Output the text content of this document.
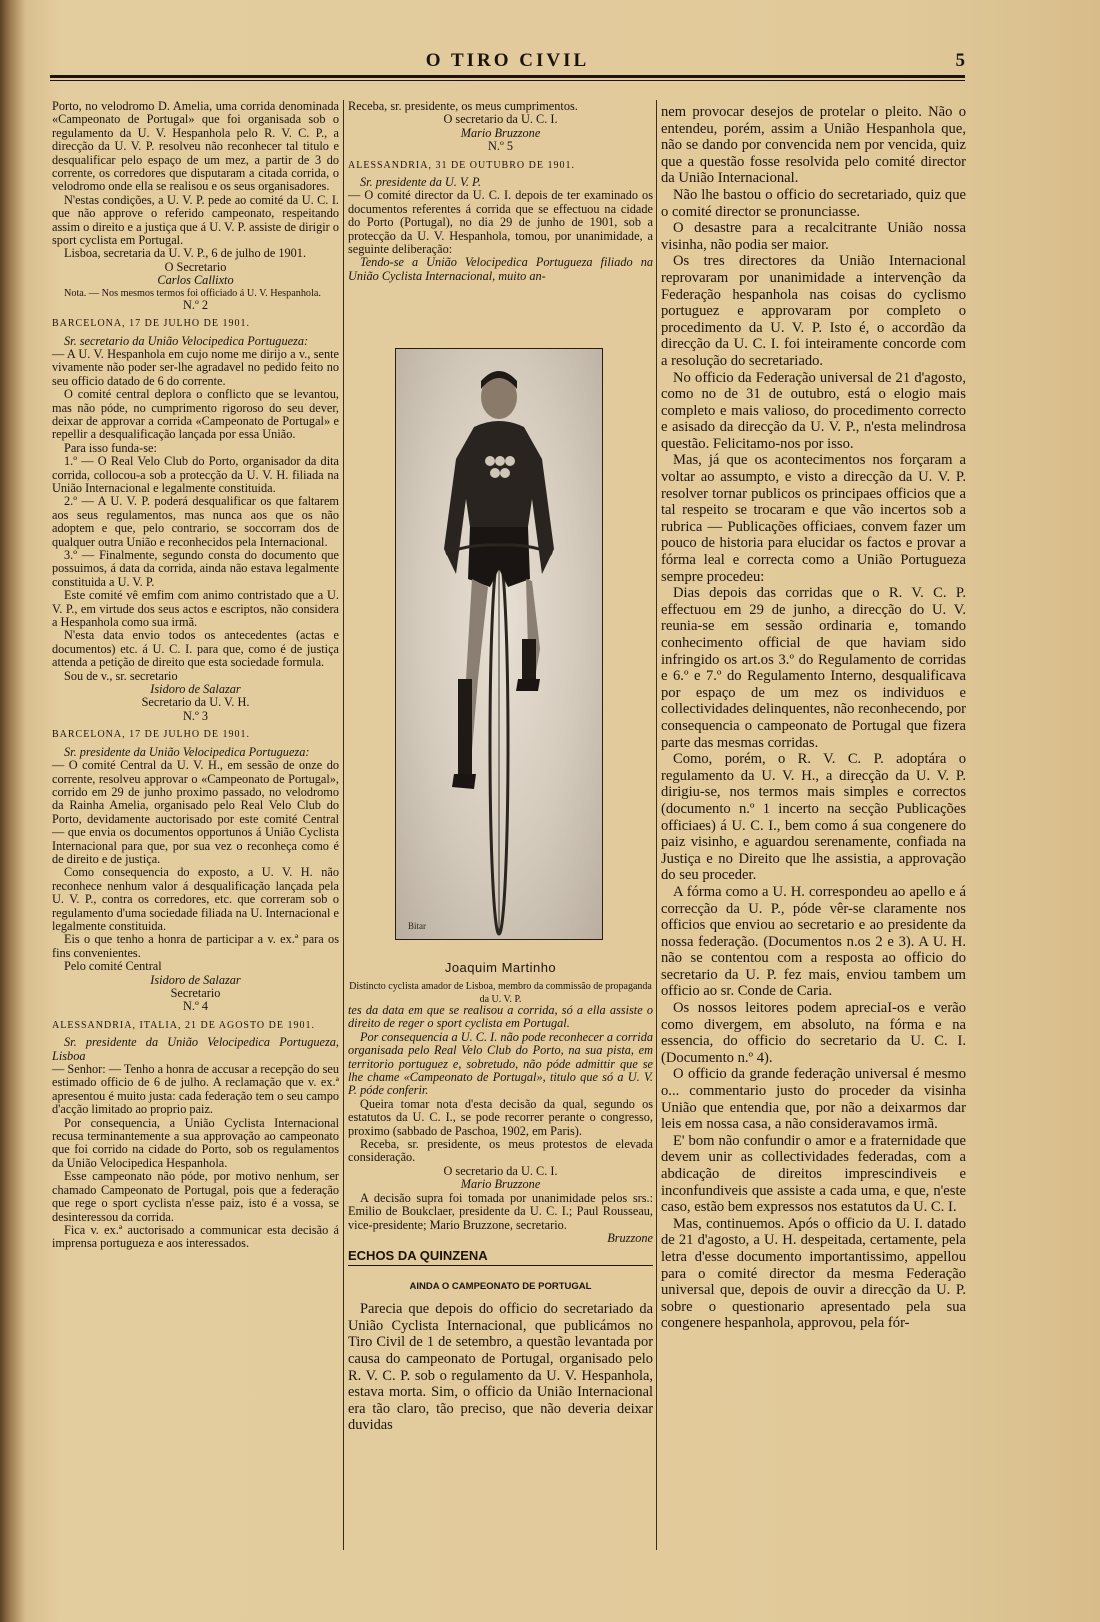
O TIRO CIVIL	5

Porto, no velodromo D. Amelia, uma corrida denominada «Campeonato de Portugal» que foi organisada sob o regulamento da U. V. Hespanhola pelo R. V. C. P., a direcção da U. V. P. resolveu não reconhecer tal titulo e desqualificar pelo espaço de um mez, a partir de 3 do corrente, os corredores que disputaram a citada corrida, o velodromo onde ella se realisou e os seus organisadores.

N'estas condições, a U. V. P. pede ao comité da U. C. I. que não approve o referido campeonato, respeitando assim o direito e a justiça que á U. V. P. assiste de dirigir o sport cyclista em Portugal.

Lisboa, secretaria da U. V. P., 6 de julho de 1901.

O Secretario

Carlos Callixto

Nota. — Nos mesmos termos foi officiado á U. V. Hespanhola.

N.º 2

BARCELONA, 17 DE JULHO DE 1901.

Sr. secretario da União Velocipedica Portugueza:

— A U. V. Hespanhola em cujo nome me dirijo a v., sente vivamente não poder ser-lhe agradavel no pedido feito no seu officio datado de 6 do corrente.

O comité central deplora o conflicto que se levantou, mas não póde, no cumprimento rigoroso do seu dever, deixar de approvar a corrida «Campeonato de Portugal» e repellir a desqualificação lançada por essa União.

Para isso funda-se:

1.º — O Real Velo Club do Porto, organisador da dita corrida, collocou-a sob a protecção da U. V. H. filiada na União Internacional e legalmente constituida.

2.º — A U. V. P. poderá desqualificar os que faltarem aos seus regulamentos, mas nunca aos que os não adoptem e que, pelo contrario, se soccorram dos de qualquer outra União e reconhecidos pela Internacional.

3.º — Finalmente, segundo consta do documento que possuimos, á data da corrida, ainda não estava legalmente constituida a U. V. P.

Este comité vê emfim com animo contristado que a U. V. P., em virtude dos seus actos e escriptos, não considera a Hespanhola como sua irmã.

N'esta data envio todos os antecedentes (actas e documentos) etc. á U. C. I. para que, como é de justiça attenda a petição de direito que esta sociedade formula.

Sou de v., sr. secretario

Isidoro de Salazar

Secretario da U. V. H.

N.º 3

BARCELONA, 17 DE JULHO DE 1901.

Sr. presidente da União Velocipedica Portugueza:

— O comité Central da U. V. H., em sessão de onze do corrente, resolveu approvar o «Campeonato de Portugal», corrido em 29 de junho proximo passado, no velodromo da Rainha Amelia, organisado pelo Real Velo Club do Porto, devidamente auctorisado por este comité Central — que envia os documentos opportunos á União Cyclista Internacional para que, por sua vez o reconheça como é de direito e de justiça.

Como consequencia do exposto, a U. V. H. não reconhece nenhum valor á desqualificação lançada pela U. V. P., contra os corredores, etc. que correram sob o regulamento d'uma sociedade filiada na U. Internacional e legalmente constituida.

Eis o que tenho a honra de participar a v. ex.ª para os fins convenientes.

Pelo comité Central

Isidoro de Salazar

Secretario

N.º 4

ALESSANDRIA, ITALIA, 21 DE AGOSTO DE 1901.

Sr. presidente da União Velocipedica Portugueza, Lisboa

— Senhor: — Tenho a honra de accusar a recepção do seu estimado officio de 6 de julho. A reclamação que v. ex.ª apresentou é muito justa: cada federação tem o seu campo d'acção limitado ao proprio paiz.

Por consequencia, a União Cyclista Internacional recusa terminantemente a sua approvação ao campeonato que foi corrido na cidade do Porto, sob os regulamentos da União Velocipedica Hespanhola.

Esse campeonato não póde, por motivo nenhum, ser chamado Campeonato de Portugal, pois que a federação que rege o sport cyclista n'esse paiz, isto é a vossa, se desinteressou da corrida.

Fica v. ex.ª auctorisado a communicar esta decisão á imprensa portugueza e aos interessados.

Receba, sr. presidente, os meus cumprimentos.

O secretario da U. C. I.

Mario Bruzzone

N.º 5

ALESSANDRIA, 31 DE OUTUBRO DE 1901.

Sr. presidente da U. V. P.

— O comité director da U. C. I. depois de ter examinado os documentos referentes á corrida que se effectuou na cidade do Porto (Portugal), no dia 29 de junho de 1901, sob a protecção da U. V. Hespanhola, tomou, por unanimidade, a seguinte deliberação:

Tendo-se a União Velocipedica Portugueza filiado na União Cyclista Internacional, muito an-

Bitar
Joaquim Martinho
Distincto cyclista amador de Lisboa, membro da commissão de propaganda da U. V. P.

tes da data em que se realisou a corrida, só a ella assiste o direito de reger o sport cyclista em Portugal.

Por consequencia a U. C. I. não pode reconhecer a corrida organisada pelo Real Velo Club do Porto, na sua pista, em territorio portuguez e, sobretudo, não póde admittir que se lhe chame «Campeonato de Portugal», titulo que só a U. V. P. póde conferir.

Queira tomar nota d'esta decisão da qual, segundo os estatutos da U. C. I., se pode recorrer perante o congresso, proximo (sabbado de Paschoa, 1902, em Paris).

Receba, sr. presidente, os meus protestos de elevada consideração.

O secretario da U. C. I.

Mario Bruzzone

A decisão supra foi tomada por unanimidade pelos srs.: Emilio de Boukclaer, presidente da U. C. I.; Paul Rousseau, vice-presidente; Mario Bruzzone, secretario.

Bruzzone

ECHOS DA QUINZENA

AINDA O CAMPEONATO DE PORTUGAL

Parecia que depois do officio do secretariado da União Cyclista Internacional, que publicámos no Tiro Civil de 1 de setembro, a questão levantada por causa do campeonato de Portugal, organisado pelo R. V. C. P. sob o regulamento da U. V. Hespanhola, estava morta. Sim, o officio da União Internacional era tão claro, tão preciso, que não deveria deixar duvidas

nem provocar desejos de protelar o pleito. Não o entendeu, porém, assim a União Hespanhola que, não se dando por convencida nem por vencida, quiz que a questão fosse resolvida pelo comité director da União Internacional.

Não lhe bastou o officio do secretariado, quiz que o comité director se pronunciasse.

O desastre para a recalcitrante União nossa visinha, não podia ser maior.

Os tres directores da União Internacional reprovaram por unanimidade a intervenção da Federação hespanhola nas coisas do cyclismo portuguez e approvaram por completo o procedimento da U. V. P. Isto é, o accordão da direcção da U. C. I. foi inteiramente concorde com a resolução do secretariado.

No officio da Federação universal de 21 d'agosto, como no de 31 de outubro, está o elogio mais completo e mais valioso, do procedimento correcto e asisado da direcção da U. V. P., n'esta melindrosa questão. Felicitamo-nos por isso.

Mas, já que os acontecimentos nos forçaram a voltar ao assumpto, e visto a direcção da U. V. P. resolver tornar publicos os principaes officios que a tal respeito se trocaram e que vão incertos sob a rubrica — Publicações officiaes, convem fazer um pouco de historia para elucidar os factos e provar a fórma leal e correcta como a União Portugueza sempre procedeu:

Dias depois das corridas que o R. V. C. P. effectuou em 29 de junho, a direcção do U. V. reunia-se em sessão ordinaria e, tomando conhecimento official de que haviam sido infringido os art.os 3.º do Regulamento de corridas e 6.º e 7.º do Regulamento Interno, desqualificava por espaço de um mez os individuos e collectividades delinquentes, não reconhecendo, por consequencia o campeonato de Portugal que fizera parte das mesmas corridas.

Como, porém, o R. V. C. P. adoptára o regulamento da U. V. H., a direcção da U. V. P. dirigiu-se, nos termos mais simples e correctos (documento n.º 1 incerto na secção Publicações officiaes) á U. C. I., bem como á sua congenere do paiz visinho, e aguardou serenamente, confiada na Justiça e no Direito que lhe assistia, a approvação do seu proceder.

A fórma como a U. H. correspondeu ao apello e á correcção da U. P., póde vêr-se claramente nos officios que enviou ao secretario e ao presidente da nossa federação. (Documentos n.os 2 e 3). A U. H. não se contentou com a resposta ao officio do secretario da U. P. fez mais, enviou tambem um officio ao sr. Conde de Caria.

Os nossos leitores podem apreciaI-os e verão como divergem, em absoluto, na fórma e na essencia, do officio do secretario da U. C. I. (Documento n.º 4).

O officio da grande federação universal é mesmo o... commentario justo do proceder da visinha União que entendia que, por não a deixarmos dar leis em nossa casa, a não consideravamos irmã.

E' bom não confundir o amor e a fraternidade que devem unir as collectividades federadas, com a abdicação de direitos imprescindiveis e inconfundiveis que assiste a cada uma, e que, n'este caso, estão bem expressos nos estatutos da U. C. I.

Mas, continuemos. Após o officio da U. I. datado de 21 d'agosto, a U. H. despeitada, certamente, pela letra d'esse documento importantissimo, appellou para o comité director da mesma Federação universal que, depois de ouvir a direcção da U. P. sobre o questionario apresentado pela sua congenere hespanhola, approvou, pela fór-
